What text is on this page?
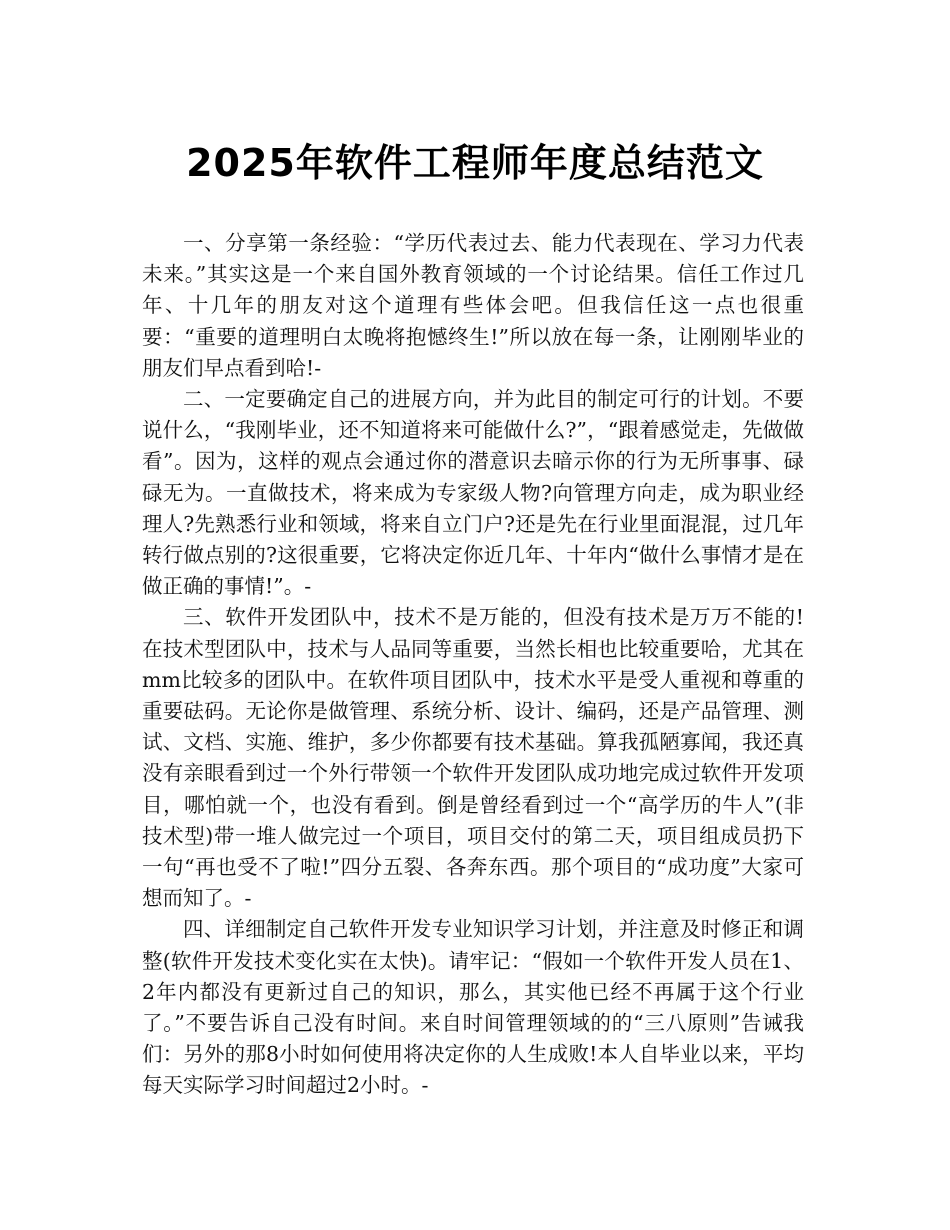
2025年软件工程师年度总结范文

一、分享第一条经验：“学历代表过去、能力代表现在、学习力代表未来。”其实这是一个来自国外教育领域的一个讨论结果。信任工作过几年、十几年的朋友对这个道理有些体会吧。但我信任这一点也很重要：“重要的道理明白太晚将抱憾终生!”所以放在每一条，让刚刚毕业的朋友们早点看到哈!-

二、一定要确定自己的进展方向，并为此目的制定可行的计划。不要说什么，“我刚毕业，还不知道将来可能做什么?”，“跟着感觉走，先做做看”。因为，这样的观点会通过你的潜意识去暗示你的行为无所事事、碌碌无为。一直做技术，将来成为专家级人物?向管理方向走，成为职业经理人?先熟悉行业和领域，将来自立门户?还是先在行业里面混混，过几年转行做点别的?这很重要，它将决定你近几年、十年内“做什么事情才是在做正确的事情!”。-

三、软件开发团队中，技术不是万能的，但没有技术是万万不能的!在技术型团队中，技术与人品同等重要，当然长相也比较重要哈，尤其在mm比较多的团队中。在软件项目团队中，技术水平是受人重视和尊重的重要砝码。无论你是做管理、系统分析、设计、编码，还是产品管理、测试、文档、实施、维护，多少你都要有技术基础。算我孤陋寡闻，我还真没有亲眼看到过一个外行带领一个软件开发团队成功地完成过软件开发项目，哪怕就一个，也没有看到。倒是曾经看到过一个“高学历的牛人”(非技术型)带一堆人做完过一个项目，项目交付的第二天，项目组成员扔下一句“再也受不了啦!”四分五裂、各奔东西。那个项目的“成功度”大家可想而知了。-

四、详细制定自己软件开发专业知识学习计划，并注意及时修正和调整(软件开发技术变化实在太快)。请牢记：“假如一个软件开发人员在1、2年内都没有更新过自己的知识，那么，其实他已经不再属于这个行业了。”不要告诉自己没有时间。来自时间管理领域的的“三八原则”告诫我们：另外的那8小时如何使用将决定你的人生成败!本人自毕业以来，平均每天实际学习时间超过2小时。-
